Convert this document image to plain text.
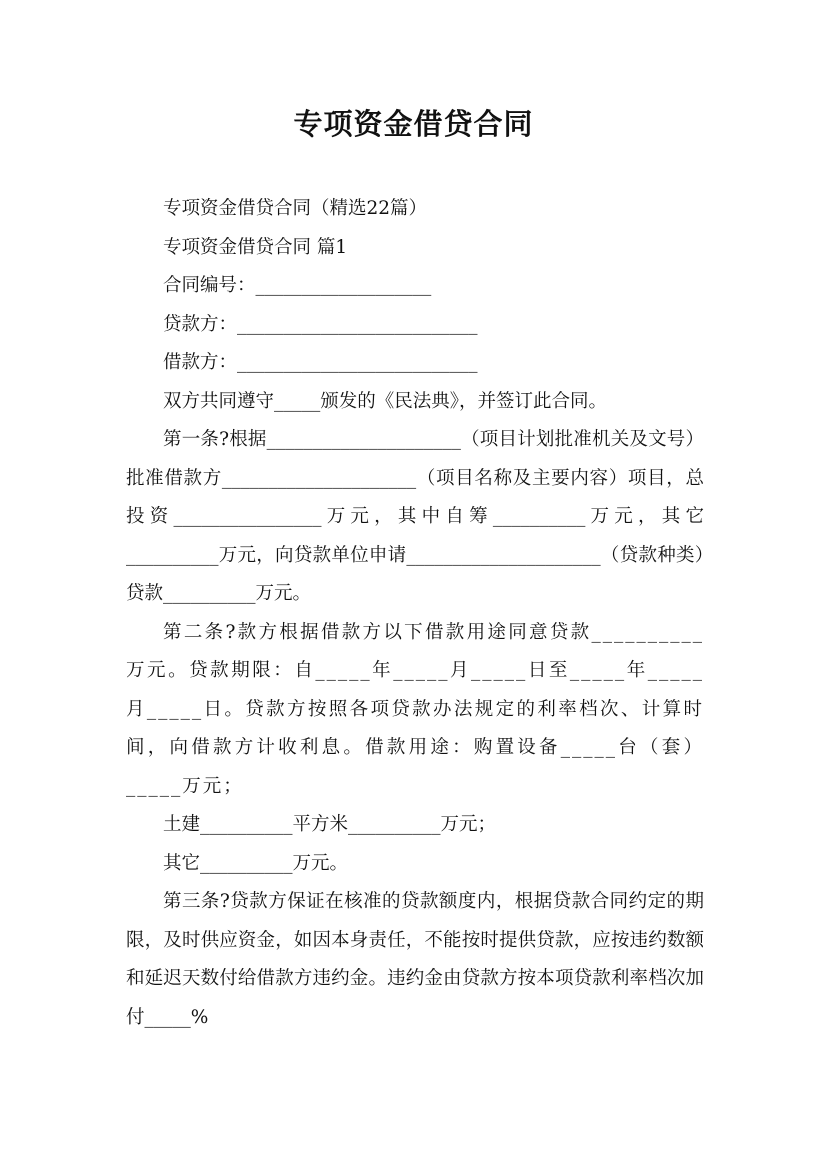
专项资金借贷合同

专项资金借贷合同（精选22篇）

专项资金借贷合同 篇1

合同编号：___________________

贷款方：__________________________

借款方：__________________________

双方共同遵守_____颁发的《民法典》，并签订此合同。

第一条?根据_____________________（项目计划批准机关及文号）批准借款方_____________________（项目名称及主要内容）项目，总投资________________万元，其中自筹__________万元，其它__________万元，向贷款单位申请_____________________（贷款种类）贷款__________万元。

第二条?款方根据借款方以下借款用途同意贷款__________万元。贷款期限：自_____年_____月_____日至_____年_____月_____日。贷款方按照各项贷款办法规定的利率档次、计算时间，向借款方计收利息。借款用途：购置设备_____台（套）_____万元；

土建__________平方米__________万元；

其它__________万元。

第三条?贷款方保证在核准的贷款额度内，根据贷款合同约定的期限，及时供应资金，如因本身责任，不能按时提供贷款，应按违约数额和延迟天数付给借款方违约金。违约金由贷款方按本项贷款利率档次加付_____%
